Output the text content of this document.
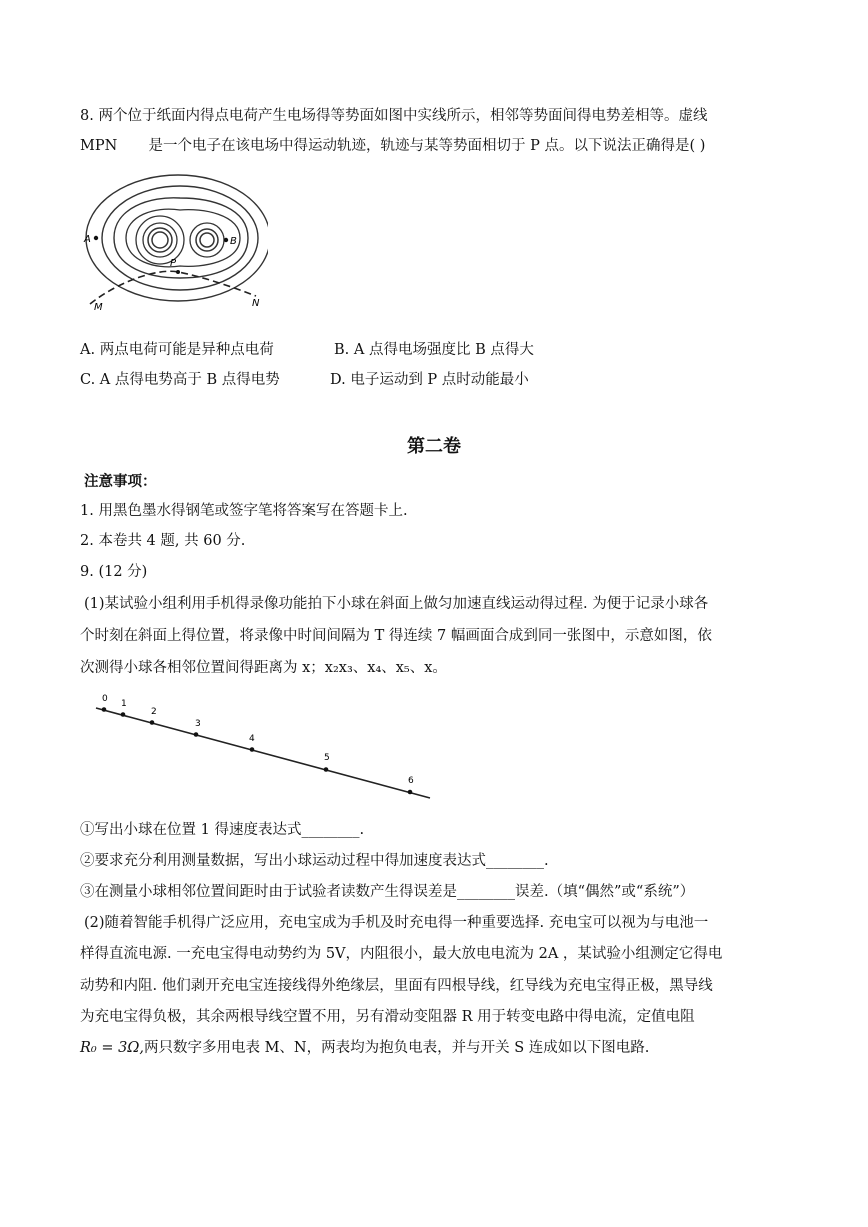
8. 两个位于纸面内得点电荷产生电场得等势面如图中实线所示，相邻等势面间得电势差相等。虚线
MPN 是一个电子在该电场中得运动轨迹，轨迹与某等势面相切于 P 点。以下说法正确得是( )
A	B
P
M	N
A. 两点电荷可能是异种点电荷	B. A 点得电场强度比 B 点得大
C. A 点得电势高于 B 点得电势	D. 电子运动到 P 点时动能最小
第二卷
注意事项：
1. 用黑色墨水得钢笔或签字笔将答案写在答题卡上.
2. 本卷共 4 题, 共 60 分.
9. (12 分)
(1)某试验小组利用手机得录像功能拍下小球在斜面上做匀加速直线运动得过程. 为便于记录小球各
个时刻在斜面上得位置，将录像中时间间隔为 T 得连续 7 幅画面合成到同一张图中，示意如图，依
次测得小球各相邻位置间得距离为 x；x₂x₃、x₄、x₅、x。
0 1
2
3
4
5
6
①写出小球在位置 1 得速度表达式________.
②要求充分利用测量数据，写出小球运动过程中得加速度表达式________.
③在测量小球相邻位置间距时由于试验者读数产生得误差是________误差.（填“偶然”或“系统”）
(2)随着智能手机得广泛应用，充电宝成为手机及时充电得一种重要选择. 充电宝可以视为与电池一
样得直流电源. 一充电宝得电动势约为 5V，内阻很小，最大放电电流为 2A ，某试验小组测定它得电
动势和内阻. 他们剥开充电宝连接线得外绝缘层，里面有四根导线，红导线为充电宝得正极，黑导线
为充电宝得负极，其余两根导线空置不用，另有滑动变阻器 R 用于转变电路中得电流，定值电阻
R₀ = 3Ω,两只数字多用电表 M、N，两表均为抱负电表，并与开关 S 连成如以下图电路.
